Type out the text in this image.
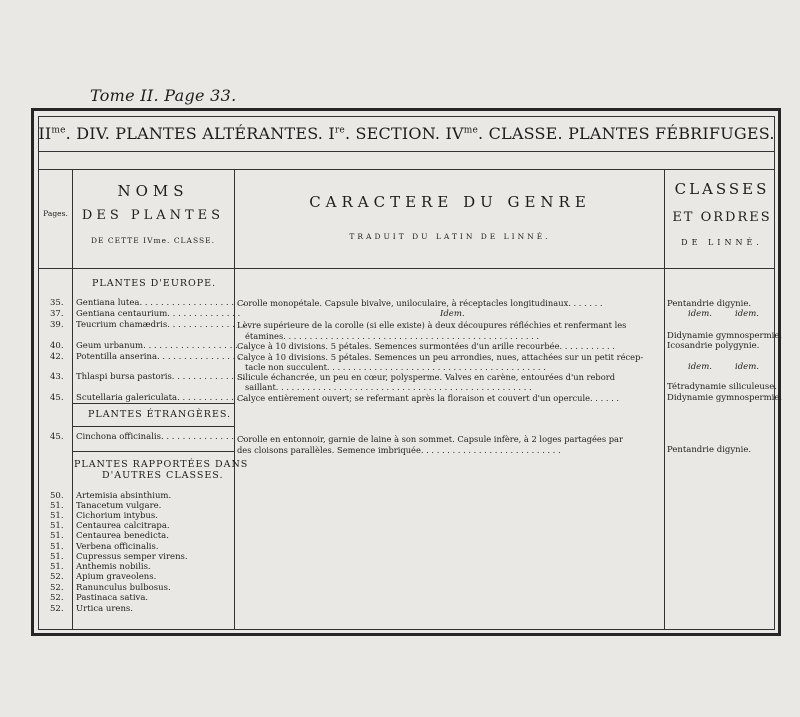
Tome II. Page 33.
$II^{me}$. DIV. PLANTES ALTÉRANTES. Ire. SECTION. $IV^{me}$. CLASSE. PLANTES FÉBRIFUGES.
Pages.
NOMS
DES PLANTES
DE CETTE IVme. CLASSE.
CARACTERE DU GENRE
TRADUIT DU LATIN DE LINNÉ.
CLASSES
ET ORDRES
DE LINNÉ.
PLANTES D'EUROPE.
PLANTES ÉTRANGÈRES.
PLANTES RAPPORTÉES DANS
D'AUTRES CLASSES.
35. Gentiana lutea. . . . . . . . . . . . . . . . . . . .
37. Gentiana centaurium. . . . . . . . . . . . . .
39. Teucrium chamædris. . . . . . . . . . . . . . .
40. Geum urbanum. . . . . . . . . . . . . . . . . . . . .
42. Potentilla anserina. . . . . . . . . . . . . . . .
43. Thlaspi bursa pastoris. . . . . . . . . . . . . .
45. Scutellaria galericulata. . . . . . . . . . . . .
45. Cinchona officinalis. . . . . . . . . . . . . . . .
50. Artemisia absinthium.
51. Tanacetum vulgare.
51. Cichorium intybus.
51. Centaurea calcitrapa.
51. Centaurea benedicta.
51. Verbena officinalis.
51. Cupressus semper virens.
51. Anthemis nobilis.
52. Apium graveolens.
52. Ranunculus bulbosus.
52. Pastinaca sativa.
52. Urtica urens.
Corolle monopétale. Capsule bivalve, uniloculaire, à réceptacles longitudinaux. . . . . . .
Idem.
Lèvre supérieure de la corolle (si elle existe) à deux découpures réfléchies et renfermant les
étamines. . . . . . . . . . . . . . . . . . . . . . . . . . . . . . . . . . . . . . . . . . . . . . . . .
Calyce à 10 divisions. 5 pétales. Semences surmontées d'un arille recourbée. . . . . . . . . . .
Calyce à 10 divisions. 5 pétales. Semences un peu arrondies, nues, attachées sur un petit récep-
tacle non succulent. . . . . . . . . . . . . . . . . . . . . . . . . . . . . . . . . . . . . . . . . .
Silicule échancrée, un peu en cœur, polysperme. Valves en carène, entourées d'un rebord
saillant. . . . . . . . . . . . . . . . . . . . . . . . . . . . . . . . . . . . . . . . . . . . . . . . .
Calyce entièrement ouvert; se refermant après la floraison et couvert d'un opercule. . . . . .
Corolle en entonnoir, garnie de laine à son sommet. Capsule infère, à 2 loges partagées par
des cloisons parallèles. Semence imbriquée. . . . . . . . . . . . . . . . . . . . . . . . . . .
Pentandrie digynie.
idem.	idem.
Didynamie gymnospermie.
Icosandrie polygynie.
idem.	idem.
Tétradynamie siliculeuse.
Didynamie gymnospermie.
Pentandrie digynie.
